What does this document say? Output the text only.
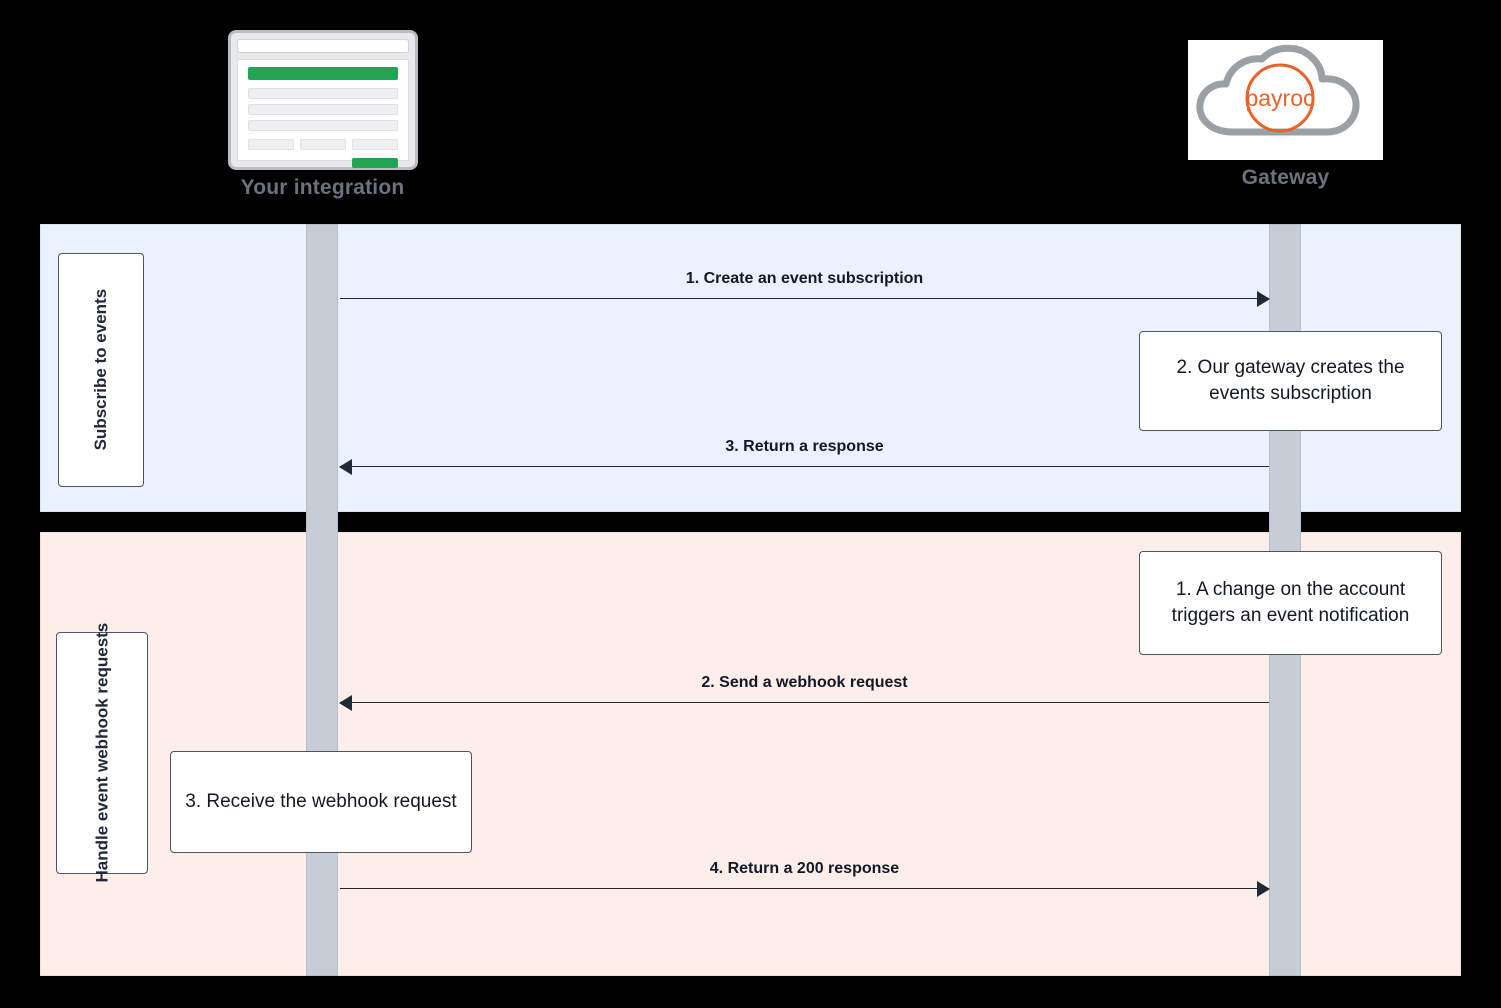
Your integration
payroc
Gateway
Subscribe to events
Handle event webhook requests
1. Create an event subscription
3. Return a response
2. Our gateway creates the events subscription
1. A change on the account triggers an event notification
3. Receive the webhook request
2. Send a webhook request
4. Return a 200 response
